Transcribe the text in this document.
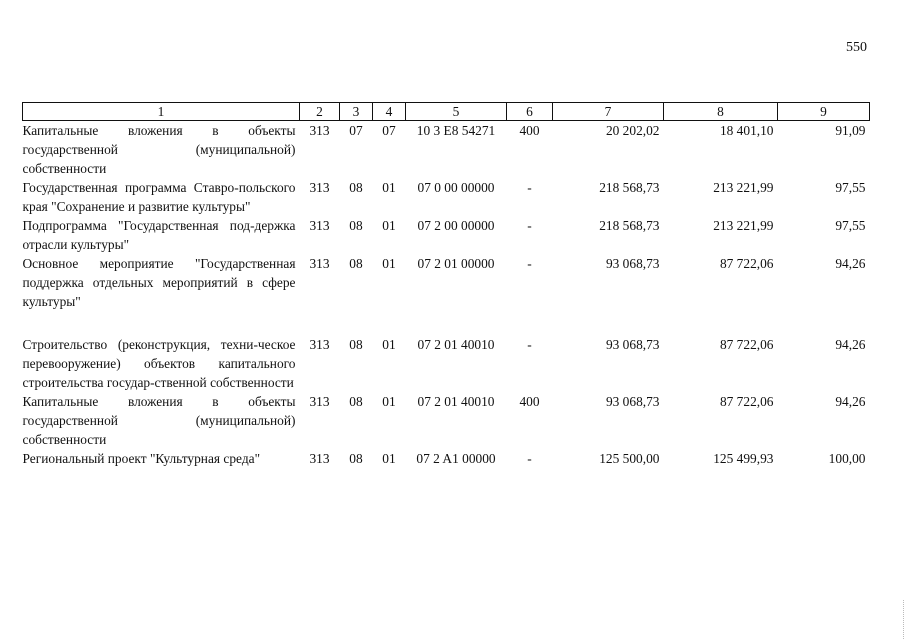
550
1	2	3	4	5	6	7	8	9
Капитальные вложения в объекты государственной (муниципальной) собственности	313	07	07	10 3 E8 54271	400	20 202,02	18 401,10	91,09
Государственная программа Ставро-польского края "Сохранение и развитие культуры"	313	08	01	07 0 00 00000	-	218 568,73	213 221,99	97,55
Подпрограмма "Государственная под-держка отрасли культуры"	313	08	01	07 2 00 00000	-	218 568,73	213 221,99	97,55
Основное мероприятие "Государственная поддержка отдельных мероприятий в сфере культуры"	313	08	01	07 2 01 00000	-	93 068,73	87 722,06	94,26

Строительство (реконструкция, техни-ческое перевооружение) объектов капитального строительства государ-ственной собственности	313	08	01	07 2 01 40010	-	93 068,73	87 722,06	94,26
Капитальные вложения в объекты государственной (муниципальной) собственности	313	08	01	07 2 01 40010	400	93 068,73	87 722,06	94,26
Региональный проект "Культурная среда"	313	08	01	07 2 A1 00000	-	125 500,00	125 499,93	100,00
